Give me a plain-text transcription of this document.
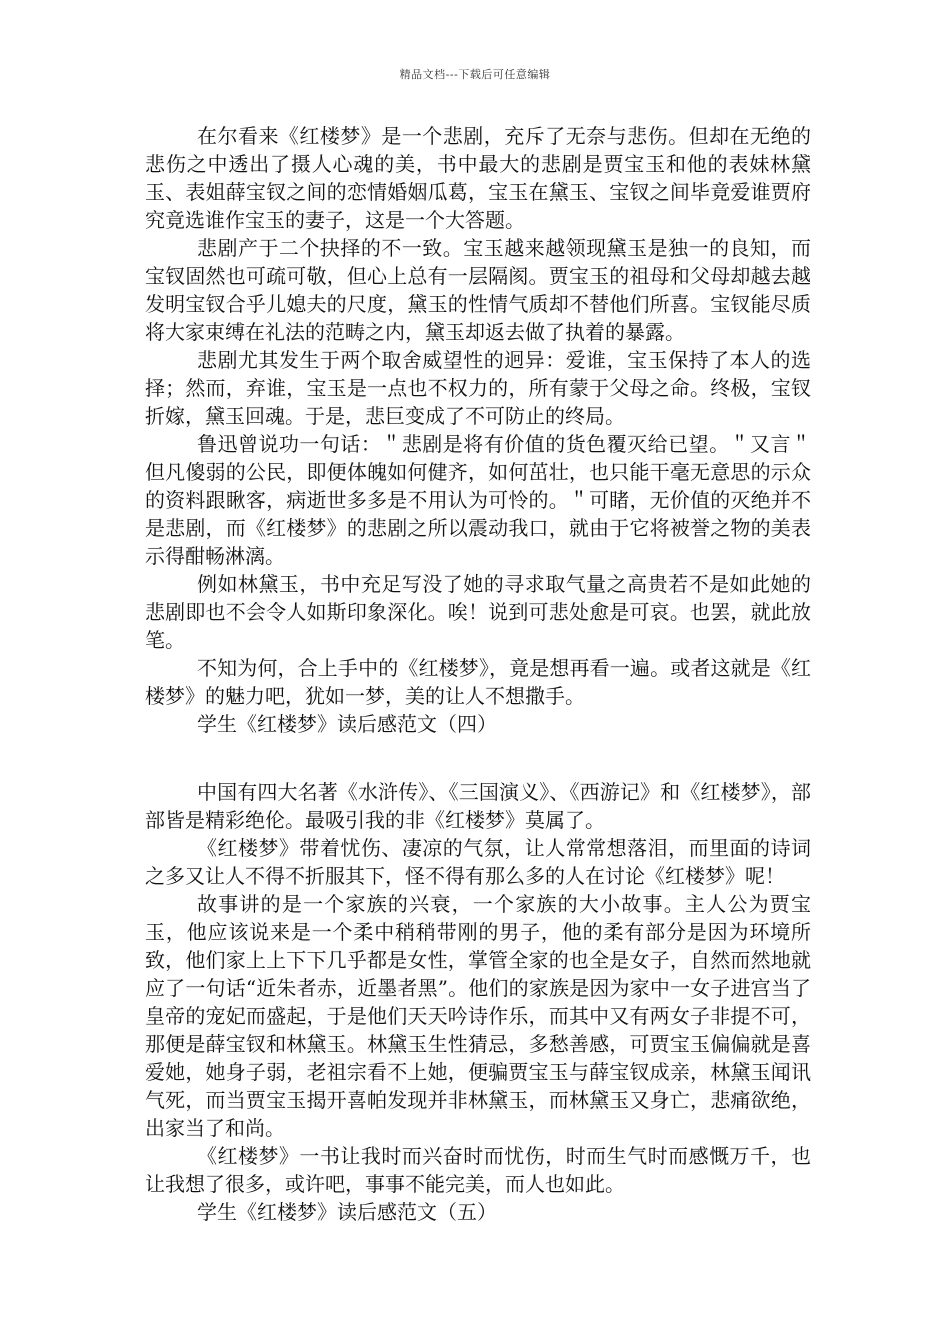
精品文档---下载后可任意编辑

在尔看来《红楼梦》是一个悲剧，充斥了无奈与悲伤。但却在无绝的悲伤之中透出了摄人心魂的美，书中最大的悲剧是贾宝玉和他的表妹林黛玉、表姐薛宝钗之间的恋情婚姻瓜葛，宝玉在黛玉、宝钗之间毕竟爱谁贾府究竟选谁作宝玉的妻子，这是一个大答题。

悲剧产于二个抉择的不一致。宝玉越来越领现黛玉是独一的良知，而宝钗固然也可疏可敬，但心上总有一层隔阂。贾宝玉的祖母和父母却越去越发明宝钗合乎儿媳夫的尺度，黛玉的性情气质却不替他们所喜。宝钗能尽质将大家束缚在礼法的范畴之内，黛玉却返去做了执着的暴露。

悲剧尤其发生于两个取舍威望性的迥异：爱谁，宝玉保持了本人的选择；然而，弃谁，宝玉是一点也不权力的，所有蒙于父母之命。终极，宝钗折嫁，黛玉回魂。于是，悲巨变成了不可防止的终局。

鲁迅曾说功一句话：＂悲剧是将有价值的货色覆灭给已望。＂又言＂但凡傻弱的公民，即便体魄如何健齐，如何茁壮，也只能干毫无意思的示众的资料跟瞅客，病逝世多多是不用认为可怜的。＂可睹，无价值的灭绝并不是悲剧，而《红楼梦》的悲剧之所以震动我口，就由于它将被誉之物的美表示得酣畅淋漓。

例如林黛玉，书中充足写没了她的寻求取气量之高贵若不是如此她的悲剧即也不会令人如斯印象深化。唉！说到可悲处愈是可哀。也罢，就此放笔。

不知为何，合上手中的《红楼梦》，竟是想再看一遍。或者这就是《红楼梦》的魅力吧，犹如一梦，美的让人不想撒手。

学生《红楼梦》读后感范文（四）

中国有四大名著《水浒传》、《三国演义》、《西游记》和《红楼梦》，部部皆是精彩绝伦。最吸引我的非《红楼梦》莫属了。

《红楼梦》带着忧伤、凄凉的气氛，让人常常想落泪，而里面的诗词之多又让人不得不折服其下，怪不得有那么多的人在讨论《红楼梦》呢！

故事讲的是一个家族的兴衰，一个家族的大小故事。主人公为贾宝玉，他应该说来是一个柔中稍稍带刚的男子，他的柔有部分是因为环境所致，他们家上上下下几乎都是女性，掌管全家的也全是女子，自然而然地就应了一句话“近朱者赤，近墨者黑”。他们的家族是因为家中一女子进宫当了皇帝的宠妃而盛起，于是他们天天吟诗作乐，而其中又有两女子非提不可，那便是薛宝钗和林黛玉。林黛玉生性猜忌，多愁善感，可贾宝玉偏偏就是喜爱她，她身子弱，老祖宗看不上她，便骗贾宝玉与薛宝钗成亲，林黛玉闻讯气死，而当贾宝玉揭开喜帕发现并非林黛玉，而林黛玉又身亡，悲痛欲绝，出家当了和尚。

《红楼梦》一书让我时而兴奋时而忧伤，时而生气时而感慨万千，也让我想了很多，或许吧，事事不能完美，而人也如此。

学生《红楼梦》读后感范文（五）
